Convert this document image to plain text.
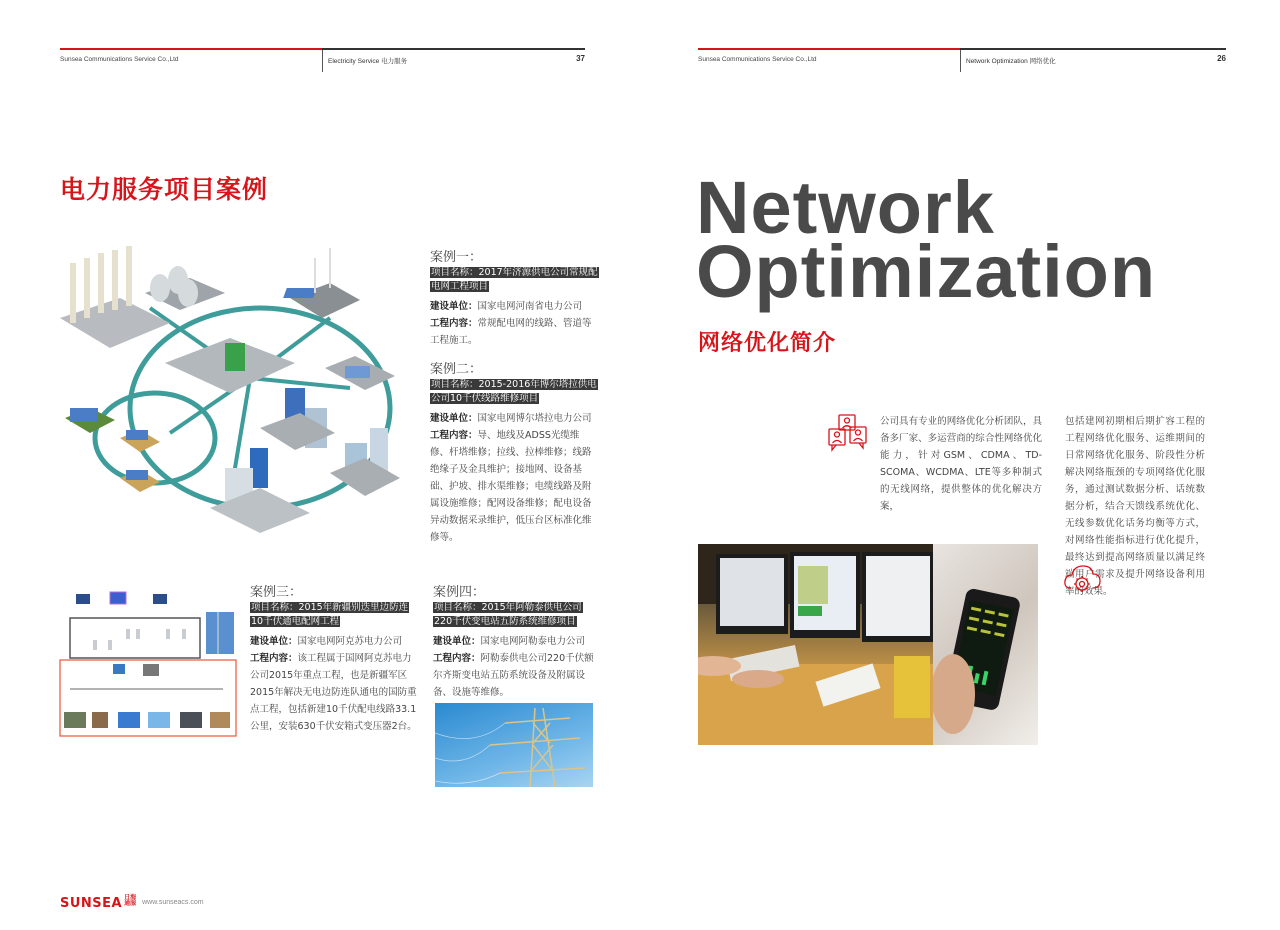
Sunsea Communications Service Co.,Ltd	Electricity Service 电力服务	37
电力服务项目案例
案例一：
项目名称：2017年济源供电公司常规配电网工程项目

建设单位：国家电网河南省电力公司

工程内容：常规配电网的线路、管道等工程施工。

案例二：
项目名称：2015-2016年博尔塔拉供电公司10千伏线路维修项目

建设单位：国家电网博尔塔拉电力公司

工程内容：导、地线及ADSS光缆维修、杆塔维修；拉线、拉棒维修；线路绝缘子及金具维护；接地网、设备基础、护坡、排水渠维修；电缆线路及附属设施维修；配网设备维修；配电设备异动数据采录维护，低压台区标准化维修等。

案例三：
项目名称：2015年新疆别迭里边防连10千伏通电配网工程

建设单位：国家电网阿克苏电力公司

工程内容：该工程属于国网阿克苏电力公司2015年重点工程，也是新疆军区2015年解决无电边防连队通电的国防重点工程，包括新建10千伏配电线路33.1公里，安装630千伏安箱式变压器2台。

案例四：
项目名称：2015年阿勒泰供电公司220千伏变电站五防系统维修项目

建设单位：国家电网阿勒泰电力公司

工程内容：阿勒泰供电公司220千伏额尔齐斯变电站五防系统设备及附属设备、设施等维修。

SUNSEA 日海通服 www.sunseacs.com
Sunsea Communications Service Co.,Ltd	Network Optimization 网络优化	26
Network
Optimization
网络优化简介
公司具有专业的网络优化分析团队，具备多厂家、多运营商的综合性网络优化能力，针对GSM、CDMA、TD-SCOMA、WCDMA、LTE等多种制式的无线网络，提供整体的优化解决方案，
包括建网初期相后期扩容工程的工程网络优化服务、运维期间的日常网络优化服务、阶段性分析解决网络瓶颈的专项网络优化服务，通过测试数据分析、话统数据分析，结合天馈线系统优化、无线参数优化话务均衡等方式，对网络性能指标进行优化提升，最终达到提高网络质量以满足终端用户需求及提升网络设备利用率的效果。
